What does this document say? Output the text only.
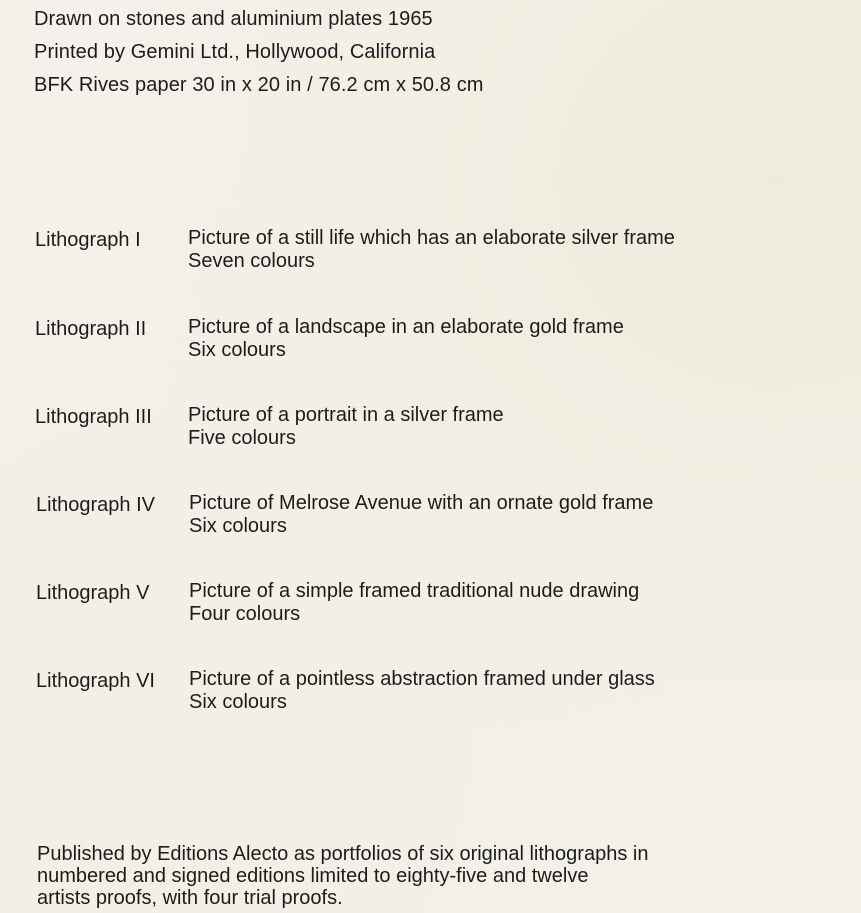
Drawn on stones and aluminium plates 1965
Printed by Gemini Ltd., Hollywood, California
BFK Rives paper 30 in x 20 in / 76.2 cm x 50.8 cm
Lithograph I Picture of a still life which has an elaborate silver frame
Seven colours
Lithograph II Picture of a landscape in an elaborate gold frame
Six colours
Lithograph III Picture of a portrait in a silver frame
Five colours
Lithograph IV Picture of Melrose Avenue with an ornate gold frame
Six colours
Lithograph V Picture of a simple framed traditional nude drawing
Four colours
Lithograph VI Picture of a pointless abstraction framed under glass
Six colours
Published by Editions Alecto as portfolios of six original lithographs in
numbered and signed editions limited to eighty-five and twelve
artists proofs, with four trial proofs.
